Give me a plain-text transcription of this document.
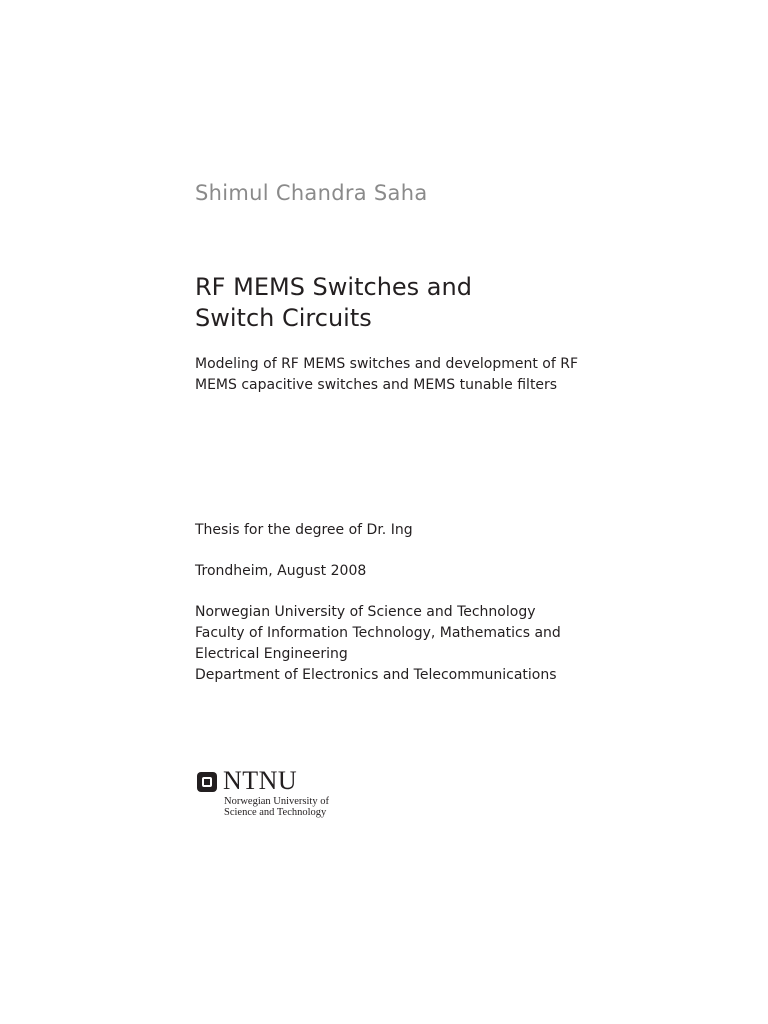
Shimul Chandra Saha
RF MEMS Switches and
Switch Circuits
Modeling of RF MEMS switches and development of RF
MEMS capacitive switches and MEMS tunable filters
Thesis for the degree of Dr. Ing
Trondheim, August 2008
Norwegian University of Science and Technology
Faculty of Information Technology, Mathematics and
Electrical Engineering
Department of Electronics and Telecommunications
NTNU
Norwegian University of
Science and Technology
